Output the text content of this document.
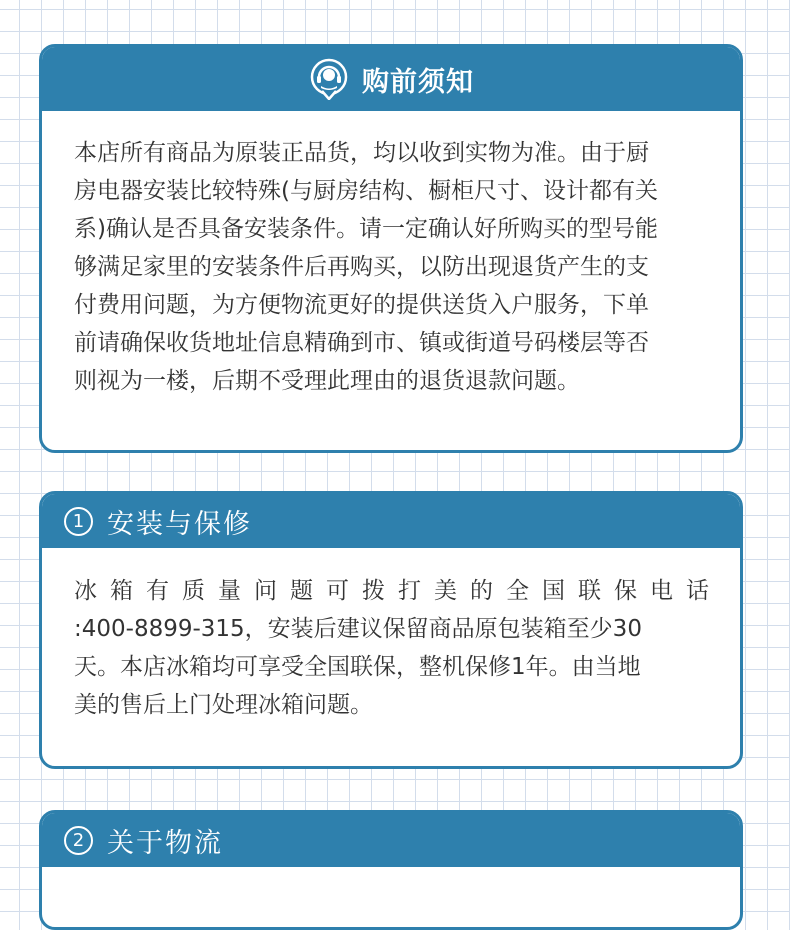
购前须知
本店所有商品为原装正品货，均以收到实物为准。由于厨
房电器安装比较特殊(与厨房结构、橱柜尺寸、设计都有关
系)确认是否具备安装条件。请一定确认好所购买的型号能
够满足家里的安装条件后再购买，以防出现退货产生的支
付费用问题，为方便物流更好的提供送货入户服务，下单
前请确保收货地址信息精确到市、镇或街道号码楼层等否
则视为一楼，后期不受理此理由的退货退款问题。
1 安装与保修
冰 箱 有 质 量 问 题 可 拨 打 美 的 全 国 联 保 电 话
:400-8899-315，安装后建议保留商品原包装箱至少30
天。本店冰箱均可享受全国联保，整机保修1年。由当地
美的售后上门处理冰箱问题。
2 关于物流
